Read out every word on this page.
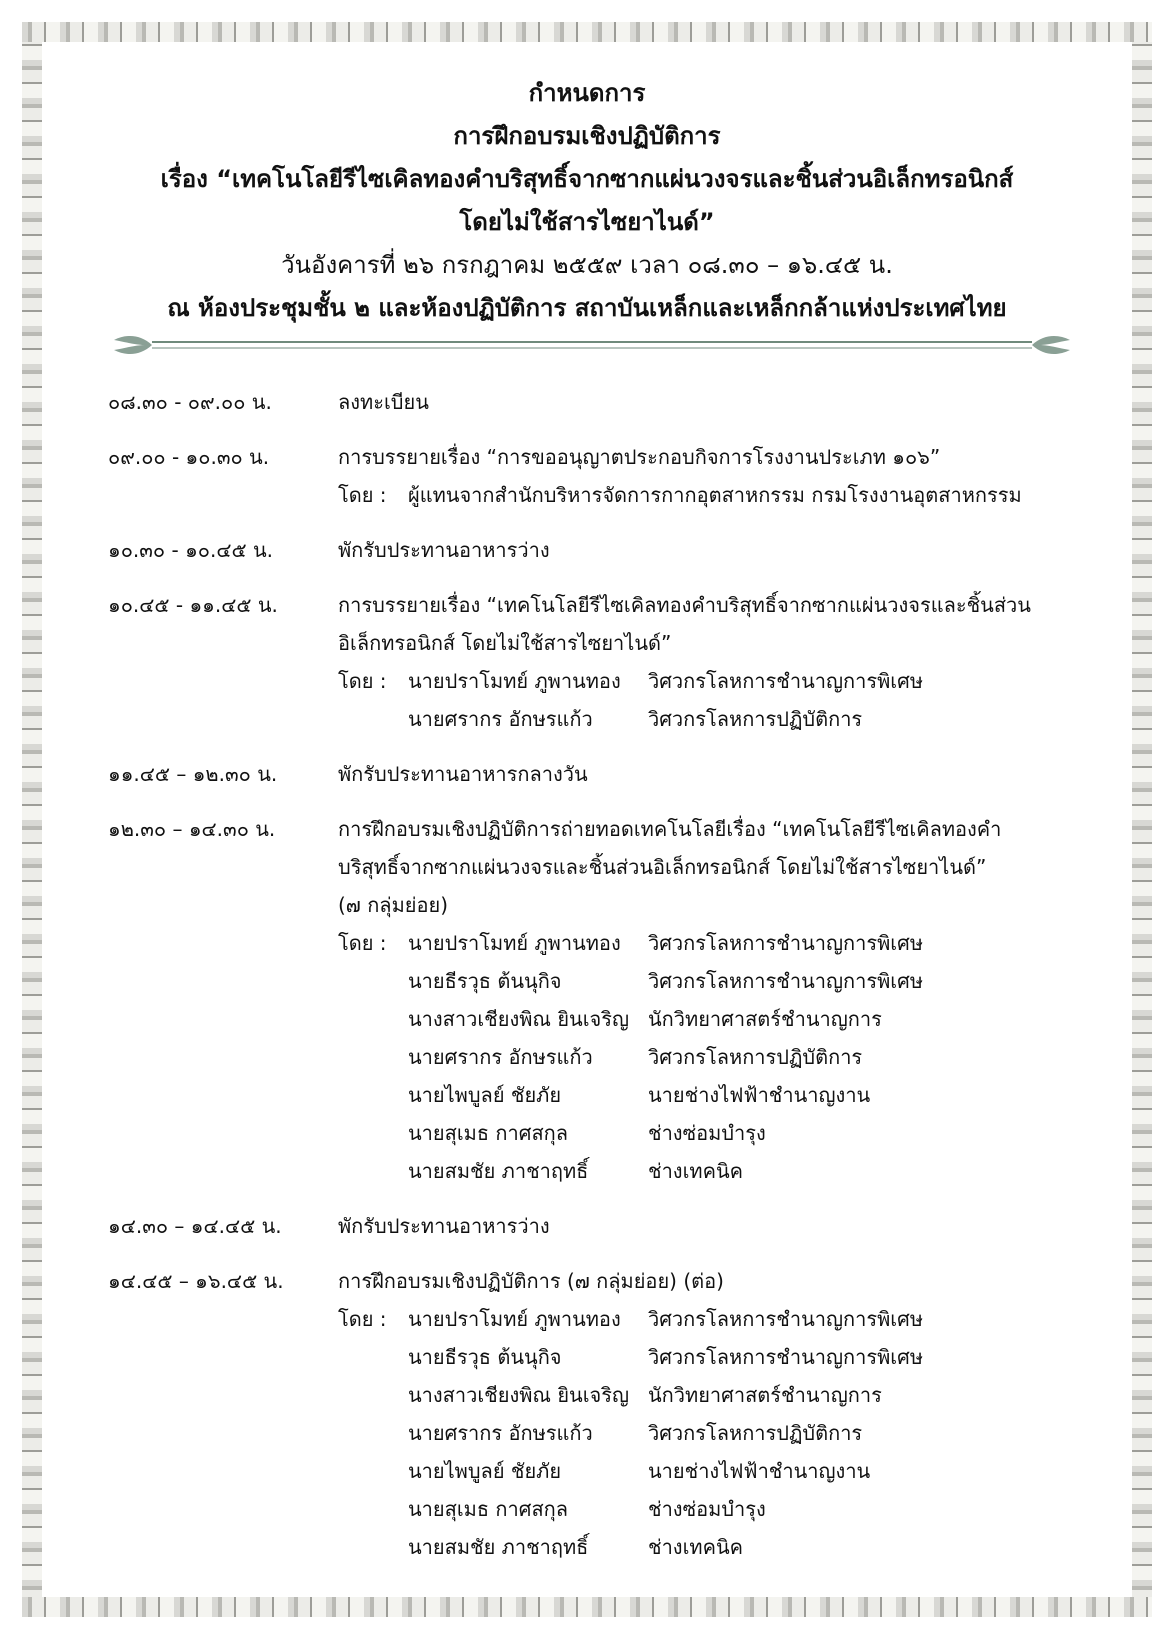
กำหนดการ
การฝึกอบรมเชิงปฏิบัติการ
เรื่อง “เทคโนโลยีรีไซเคิลทองคำบริสุทธิ์จากซากแผ่นวงจรและชิ้นส่วนอิเล็กทรอนิกส์
โดยไม่ใช้สารไซยาไนด์”
วันอังคารที่ ๒๖ กรกฎาคม ๒๕๕๙ เวลา ๐๘.๓๐ – ๑๖.๔๕ น.
ณ ห้องประชุมชั้น ๒ และห้องปฏิบัติการ สถาบันเหล็กและเหล็กกล้าแห่งประเทศไทย
๐๘.๓๐ - ๐๙.๐๐ น.	ลงทะเบียน
๐๙.๐๐ - ๑๐.๓๐ น.	การบรรยายเรื่อง “การขออนุญาตประกอบกิจการโรงงานประเภท ๑๐๖”
โดย :	ผู้แทนจากสำนักบริหารจัดการกากอุตสาหกรรม กรมโรงงานอุตสาหกรรม
๑๐.๓๐ - ๑๐.๔๕ น.	พักรับประทานอาหารว่าง
๑๐.๔๕ - ๑๑.๔๕ น.	การบรรยายเรื่อง “เทคโนโลยีรีไซเคิลทองคำบริสุทธิ์จากซากแผ่นวงจรและชิ้นส่วน
อิเล็กทรอนิกส์ โดยไม่ใช้สารไซยาไนด์”
โดย :	นายปราโมทย์ ภูพานทอง	วิศวกรโลหการชำนาญการพิเศษ
นายศรากร อักษรแก้ว	วิศวกรโลหการปฏิบัติการ
๑๑.๔๕ – ๑๒.๓๐ น.	พักรับประทานอาหารกลางวัน
๑๒.๓๐ – ๑๔.๓๐ น.	การฝึกอบรมเชิงปฏิบัติการถ่ายทอดเทคโนโลยีเรื่อง “เทคโนโลยีรีไซเคิลทองคำ
บริสุทธิ์จากซากแผ่นวงจรและชิ้นส่วนอิเล็กทรอนิกส์ โดยไม่ใช้สารไซยาไนด์”
(๗ กลุ่มย่อย)
โดย :	นายปราโมทย์ ภูพานทอง	วิศวกรโลหการชำนาญการพิเศษ
นายธีรวุธ ต้นนุกิจ	วิศวกรโลหการชำนาญการพิเศษ
นางสาวเชียงพิณ ยินเจริญ นักวิทยาศาสตร์ชำนาญการ
นายศรากร อักษรแก้ว	วิศวกรโลหการปฏิบัติการ
นายไพบูลย์ ชัยภัย	นายช่างไฟฟ้าชำนาญงาน
นายสุเมธ กาศสกุล	ช่างซ่อมบำรุง
นายสมชัย ภาชาฤทธิ์	ช่างเทคนิค
๑๔.๓๐ – ๑๔.๔๕ น.	พักรับประทานอาหารว่าง
๑๔.๔๕ – ๑๖.๔๕ น.	การฝึกอบรมเชิงปฏิบัติการ (๗ กลุ่มย่อย) (ต่อ)
โดย :	นายปราโมทย์ ภูพานทอง	วิศวกรโลหการชำนาญการพิเศษ
นายธีรวุธ ต้นนุกิจ	วิศวกรโลหการชำนาญการพิเศษ
นางสาวเชียงพิณ ยินเจริญ นักวิทยาศาสตร์ชำนาญการ
นายศรากร อักษรแก้ว	วิศวกรโลหการปฏิบัติการ
นายไพบูลย์ ชัยภัย	นายช่างไฟฟ้าชำนาญงาน
นายสุเมธ กาศสกุล	ช่างซ่อมบำรุง
นายสมชัย ภาชาฤทธิ์	ช่างเทคนิค
